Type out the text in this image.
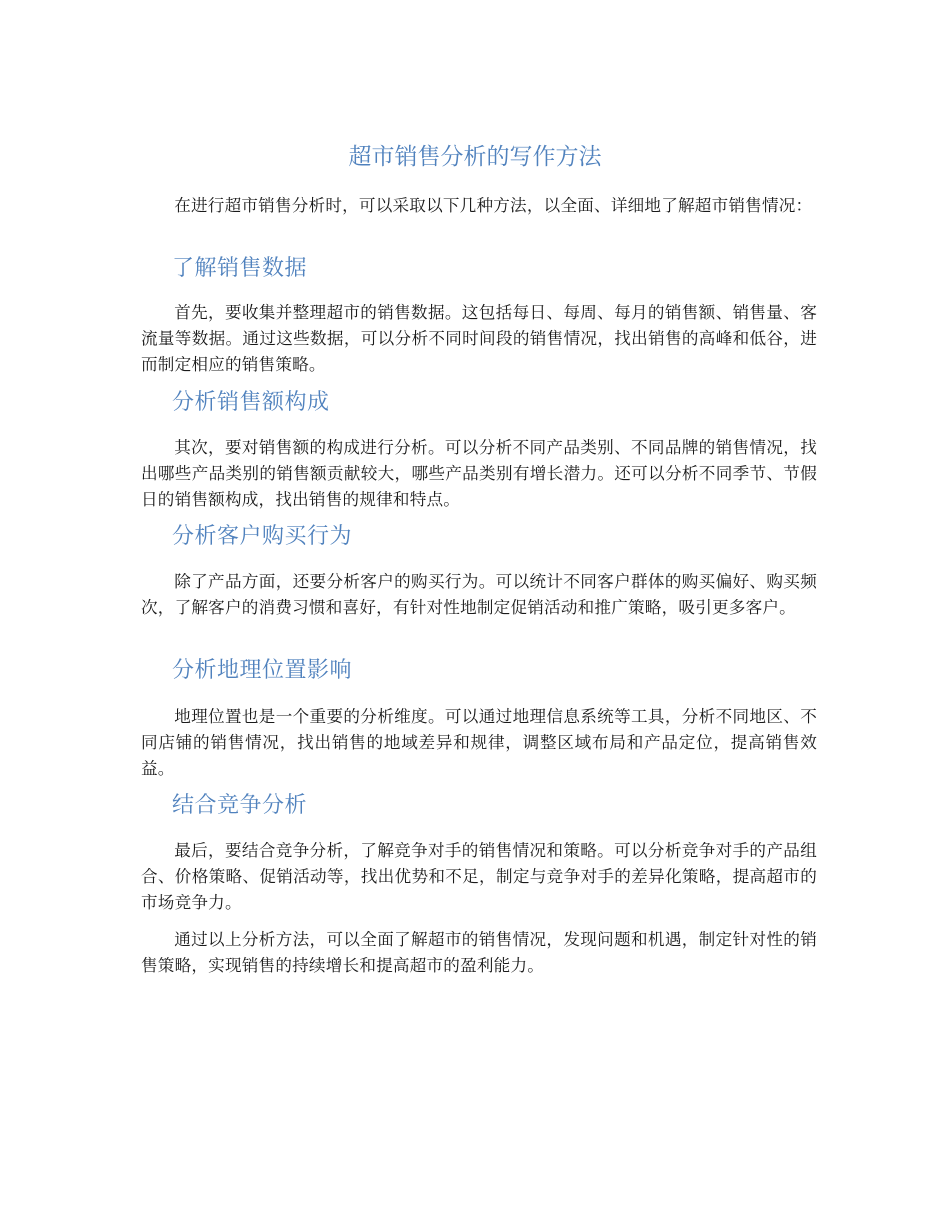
超市销售分析的写作方法

在进行超市销售分析时，可以采取以下几种方法，以全面、详细地了解超市销售情况：

了解销售数据

首先，要收集并整理超市的销售数据。这包括每日、每周、每月的销售额、销售量、客流量等数据。通过这些数据，可以分析不同时间段的销售情况，找出销售的高峰和低谷，进而制定相应的销售策略。

分析销售额构成

其次，要对销售额的构成进行分析。可以分析不同产品类别、不同品牌的销售情况，找出哪些产品类别的销售额贡献较大，哪些产品类别有增长潜力。还可以分析不同季节、节假日的销售额构成，找出销售的规律和特点。

分析客户购买行为

除了产品方面，还要分析客户的购买行为。可以统计不同客户群体的购买偏好、购买频次，了解客户的消费习惯和喜好，有针对性地制定促销活动和推广策略，吸引更多客户。

分析地理位置影响

地理位置也是一个重要的分析维度。可以通过地理信息系统等工具，分析不同地区、不同店铺的销售情况，找出销售的地域差异和规律，调整区域布局和产品定位，提高销售效益。

结合竞争分析

最后，要结合竞争分析，了解竞争对手的销售情况和策略。可以分析竞争对手的产品组合、价格策略、促销活动等，找出优势和不足，制定与竞争对手的差异化策略，提高超市的市场竞争力。

通过以上分析方法，可以全面了解超市的销售情况，发现问题和机遇，制定针对性的销售策略，实现销售的持续增长和提高超市的盈利能力。
